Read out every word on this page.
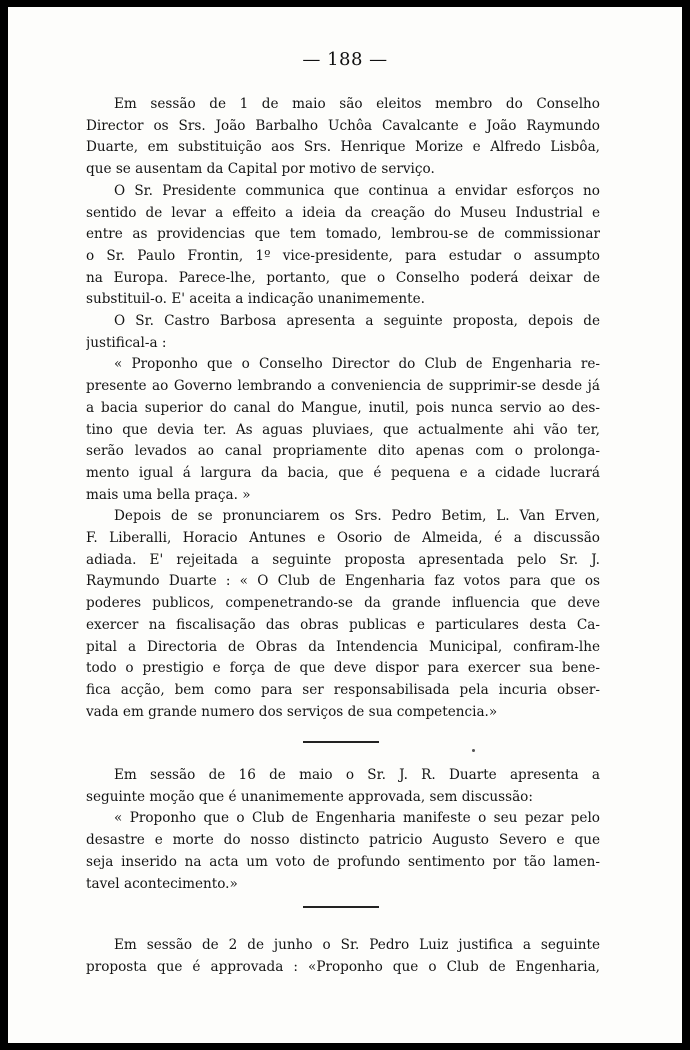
— 188 —
Em sessão de 1 de maio são eleitos membro do Conselho
Director os Srs. João Barbalho Uchôa Cavalcante e João Raymundo
Duarte, em substituição aos Srs. Henrique Morize e Alfredo Lisbôa,
que se ausentam da Capital por motivo de serviço.
O Sr. Presidente communica que continua a envidar esforços no
sentido de levar a effeito a ideia da creação do Museu Industrial e
entre as providencias que tem tomado, lembrou-se de commissionar
o Sr. Paulo Frontin, 1º vice-presidente, para estudar o assumpto
na Europa. Parece-lhe, portanto, que o Conselho poderá deixar de
substituil-o. E' aceita a indicação unanimemente.
O Sr. Castro Barbosa apresenta a seguinte proposta, depois de
justifical-a :
« Proponho que o Conselho Director do Club de Engenharia re-
presente ao Governo lembrando a conveniencia de supprimir-se desde já
a bacia superior do canal do Mangue, inutil, pois nunca servio ao des-
tino que devia ter. As aguas pluviaes, que actualmente ahi vão ter,
serão levados ao canal propriamente dito apenas com o prolonga-
mento igual á largura da bacia, que é pequena e a cidade lucrará
mais uma bella praça. »
Depois de se pronunciarem os Srs. Pedro Betim, L. Van Erven,
F. Liberalli, Horacio Antunes e Osorio de Almeida, é a discussão
adiada. E' rejeitada a seguinte proposta apresentada pelo Sr. J.
Raymundo Duarte : « O Club de Engenharia faz votos para que os
poderes publicos, compenetrando-se da grande influencia que deve
exercer na fiscalisação das obras publicas e particulares desta Ca-
pital a Directoria de Obras da Intendencia Municipal, confiram-lhe
todo o prestigio e força de que deve dispor para exercer sua bene-
fica acção, bem como para ser responsabilisada pela incuria obser-
vada em grande numero dos serviços de sua competencia.»
Em sessão de 16 de maio o Sr. J. R. Duarte apresenta a
seguinte moção que é unanimemente approvada, sem discussão:
« Proponho que o Club de Engenharia manifeste o seu pezar pelo
desastre e morte do nosso distincto patricio Augusto Severo e que
seja inserido na acta um voto de profundo sentimento por tão lamen-
tavel acontecimento.»
Em sessão de 2 de junho o Sr. Pedro Luiz justifica a seguinte
proposta que é approvada : «Proponho que o Club de Engenharia,
